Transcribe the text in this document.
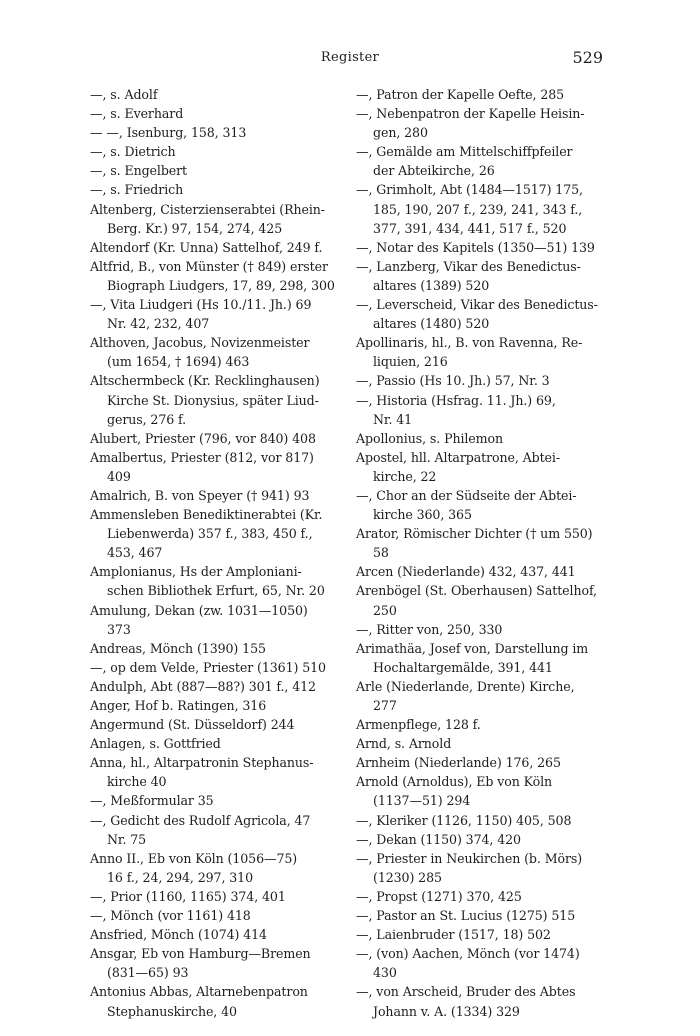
Register	529

—, s. Adolf

—, s. Everhard

— —, Isenburg, 158, 313

—, s. Dietrich

—, s. Engelbert

—, s. Friedrich

Altenberg, Cisterzienserabtei (Rhein-
Berg. Kr.) 97, 154, 274, 425

Altendorf (Kr. Unna) Sattelhof, 249 f.

Altfrid, B., von Münster († 849) erster
Biograph Liudgers, 17, 89, 298, 300

—, Vita Liudgeri (Hs 10./11. Jh.) 69
Nr. 42, 232, 407

Althoven, Jacobus, Novizenmeister
(um 1654, † 1694) 463

Altschermbeck (Kr. Recklinghausen)
Kirche St. Dionysius, später Liud-
gerus, 276 f.

Alubert, Priester (796, vor 840) 408

Amalbertus, Priester (812, vor 817)
409

Amalrich, B. von Speyer († 941) 93

Ammensleben Benediktinerabtei (Kr.
Liebenwerda) 357 f., 383, 450 f.,
453, 467

Amplonianus, Hs der Amploniani-
schen Bibliothek Erfurt, 65, Nr. 20

Amulung, Dekan (zw. 1031—1050)
373

Andreas, Mönch (1390) 155

—, op dem Velde, Priester (1361) 510

Andulph, Abt (887—88?) 301 f., 412

Anger, Hof b. Ratingen, 316

Angermund (St. Düsseldorf) 244

Anlagen, s. Gottfried

Anna, hl., Altarpatronin Stephanus-
kirche 40

—, Meßformular 35

—, Gedicht des Rudolf Agricola, 47
Nr. 75

Anno II., Eb von Köln (1056—75)
16 f., 24, 294, 297, 310

—, Prior (1160, 1165) 374, 401

—, Mönch (vor 1161) 418

Ansfried, Mönch (1074) 414

Ansgar, Eb von Hamburg—Bremen
(831—65) 93

Antonius Abbas, Altarnebenpatron
Stephanuskirche, 40

—, Patron der Kapelle Oefte, 285

—, Nebenpatron der Kapelle Heisin-
gen, 280

—, Gemälde am Mittelschiffpfeiler
der Abteikirche, 26

—, Grimholt, Abt (1484—1517) 175,
185, 190, 207 f., 239, 241, 343 f.,
377, 391, 434, 441, 517 f., 520

—, Notar des Kapitels (1350—51) 139

—, Lanzberg, Vikar des Benedictus-
altares (1389) 520

—, Leverscheid, Vikar des Benedictus-
altares (1480) 520

Apollinaris, hl., B. von Ravenna, Re-
liquien, 216

—, Passio (Hs 10. Jh.) 57, Nr. 3

—, Historia (Hsfrag. 11. Jh.) 69,
Nr. 41

Apollonius, s. Philemon

Apostel, hll. Altarpatrone, Abtei-
kirche, 22

—, Chor an der Südseite der Abtei-
kirche 360, 365

Arator, Römischer Dichter († um 550)
58

Arcen (Niederlande) 432, 437, 441

Arenbögel (St. Oberhausen) Sattelhof,
250

—, Ritter von, 250, 330

Arimathäa, Josef von, Darstellung im
Hochaltargemälde, 391, 441

Arle (Niederlande, Drente) Kirche,
277

Armenpflege, 128 f.

Arnd, s. Arnold

Arnheim (Niederlande) 176, 265

Arnold (Arnoldus), Eb von Köln
(1137—51) 294

—, Kleriker (1126, 1150) 405, 508

—, Dekan (1150) 374, 420

—, Priester in Neukirchen (b. Mörs)
(1230) 285

—, Propst (1271) 370, 425

—, Pastor an St. Lucius (1275) 515

—, Laienbruder (1517, 18) 502

—, (von) Aachen, Mönch (vor 1474)
430

—, von Arscheid, Bruder des Abtes
Johann v. A. (1334) 329
